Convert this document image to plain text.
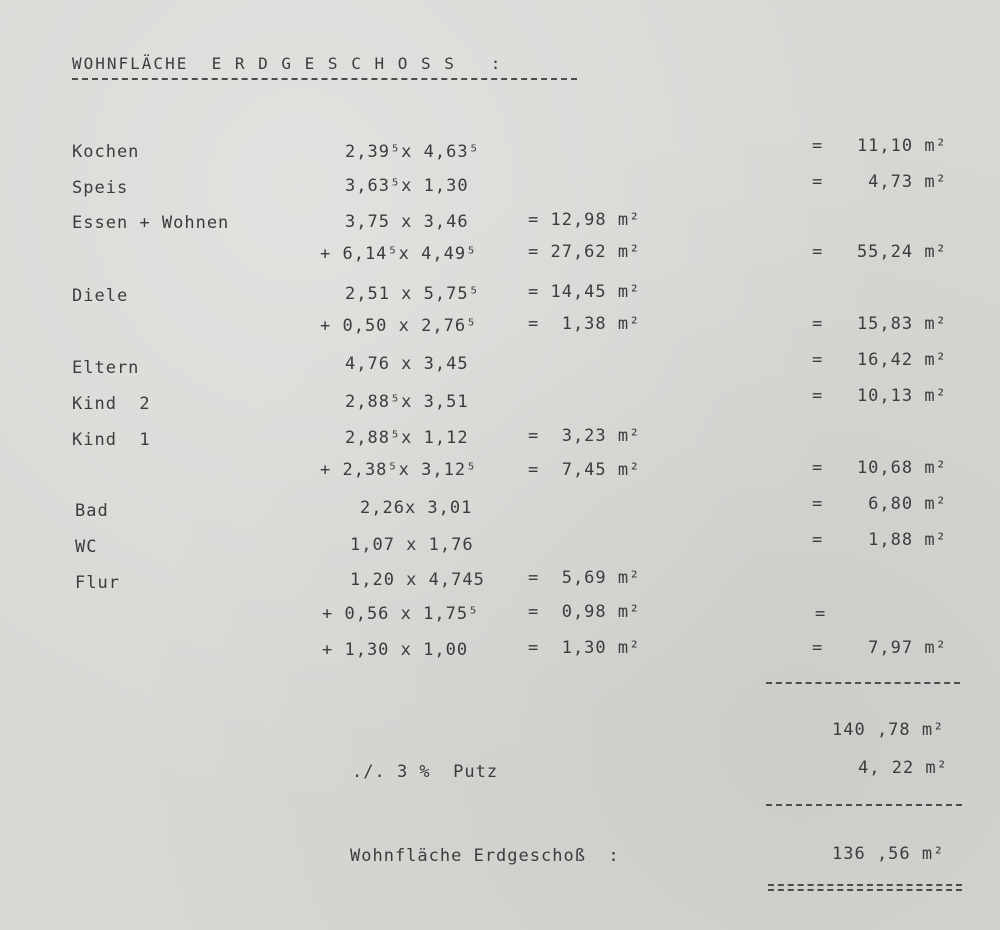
WOHNFLÄCHE  E R D G E S C H O S S   :
Kochen	2,39⁵x 4,63⁵	=   11,10 m²
Speis	3,63⁵x 1,30	=    4,73 m²
Essen + Wohnen	3,75 x 3,46	= 12,98 m²
+ 6,14⁵x 4,49⁵	= 27,62 m²	=   55,24 m²
Diele	2,51 x 5,75⁵	= 14,45 m²
+ 0,50 x 2,76⁵	=  1,38 m²	=   15,83 m²
Eltern	4,76 x 3,45	=   16,42 m²
Kind  2	2,88⁵x 3,51	=   10,13 m²
Kind  1	2,88⁵x 1,12	=  3,23 m²
+ 2,38⁵x 3,12⁵	=  7,45 m²	=   10,68 m²
Bad	2,26x 3,01	=    6,80 m²
WC	1,07 x 1,76	=    1,88 m²
Flur	1,20 x 4,745	=  5,69 m²
+ 0,56 x 1,75⁵	=  0,98 m²	=
+ 1,30 x 1,00	=  1,30 m²	=    7,97 m²
140 ,78 m²
./. 3 %  Putz	4, 22 m²
Wohnfläche Erdgeschoß  :	136 ,56 m²
